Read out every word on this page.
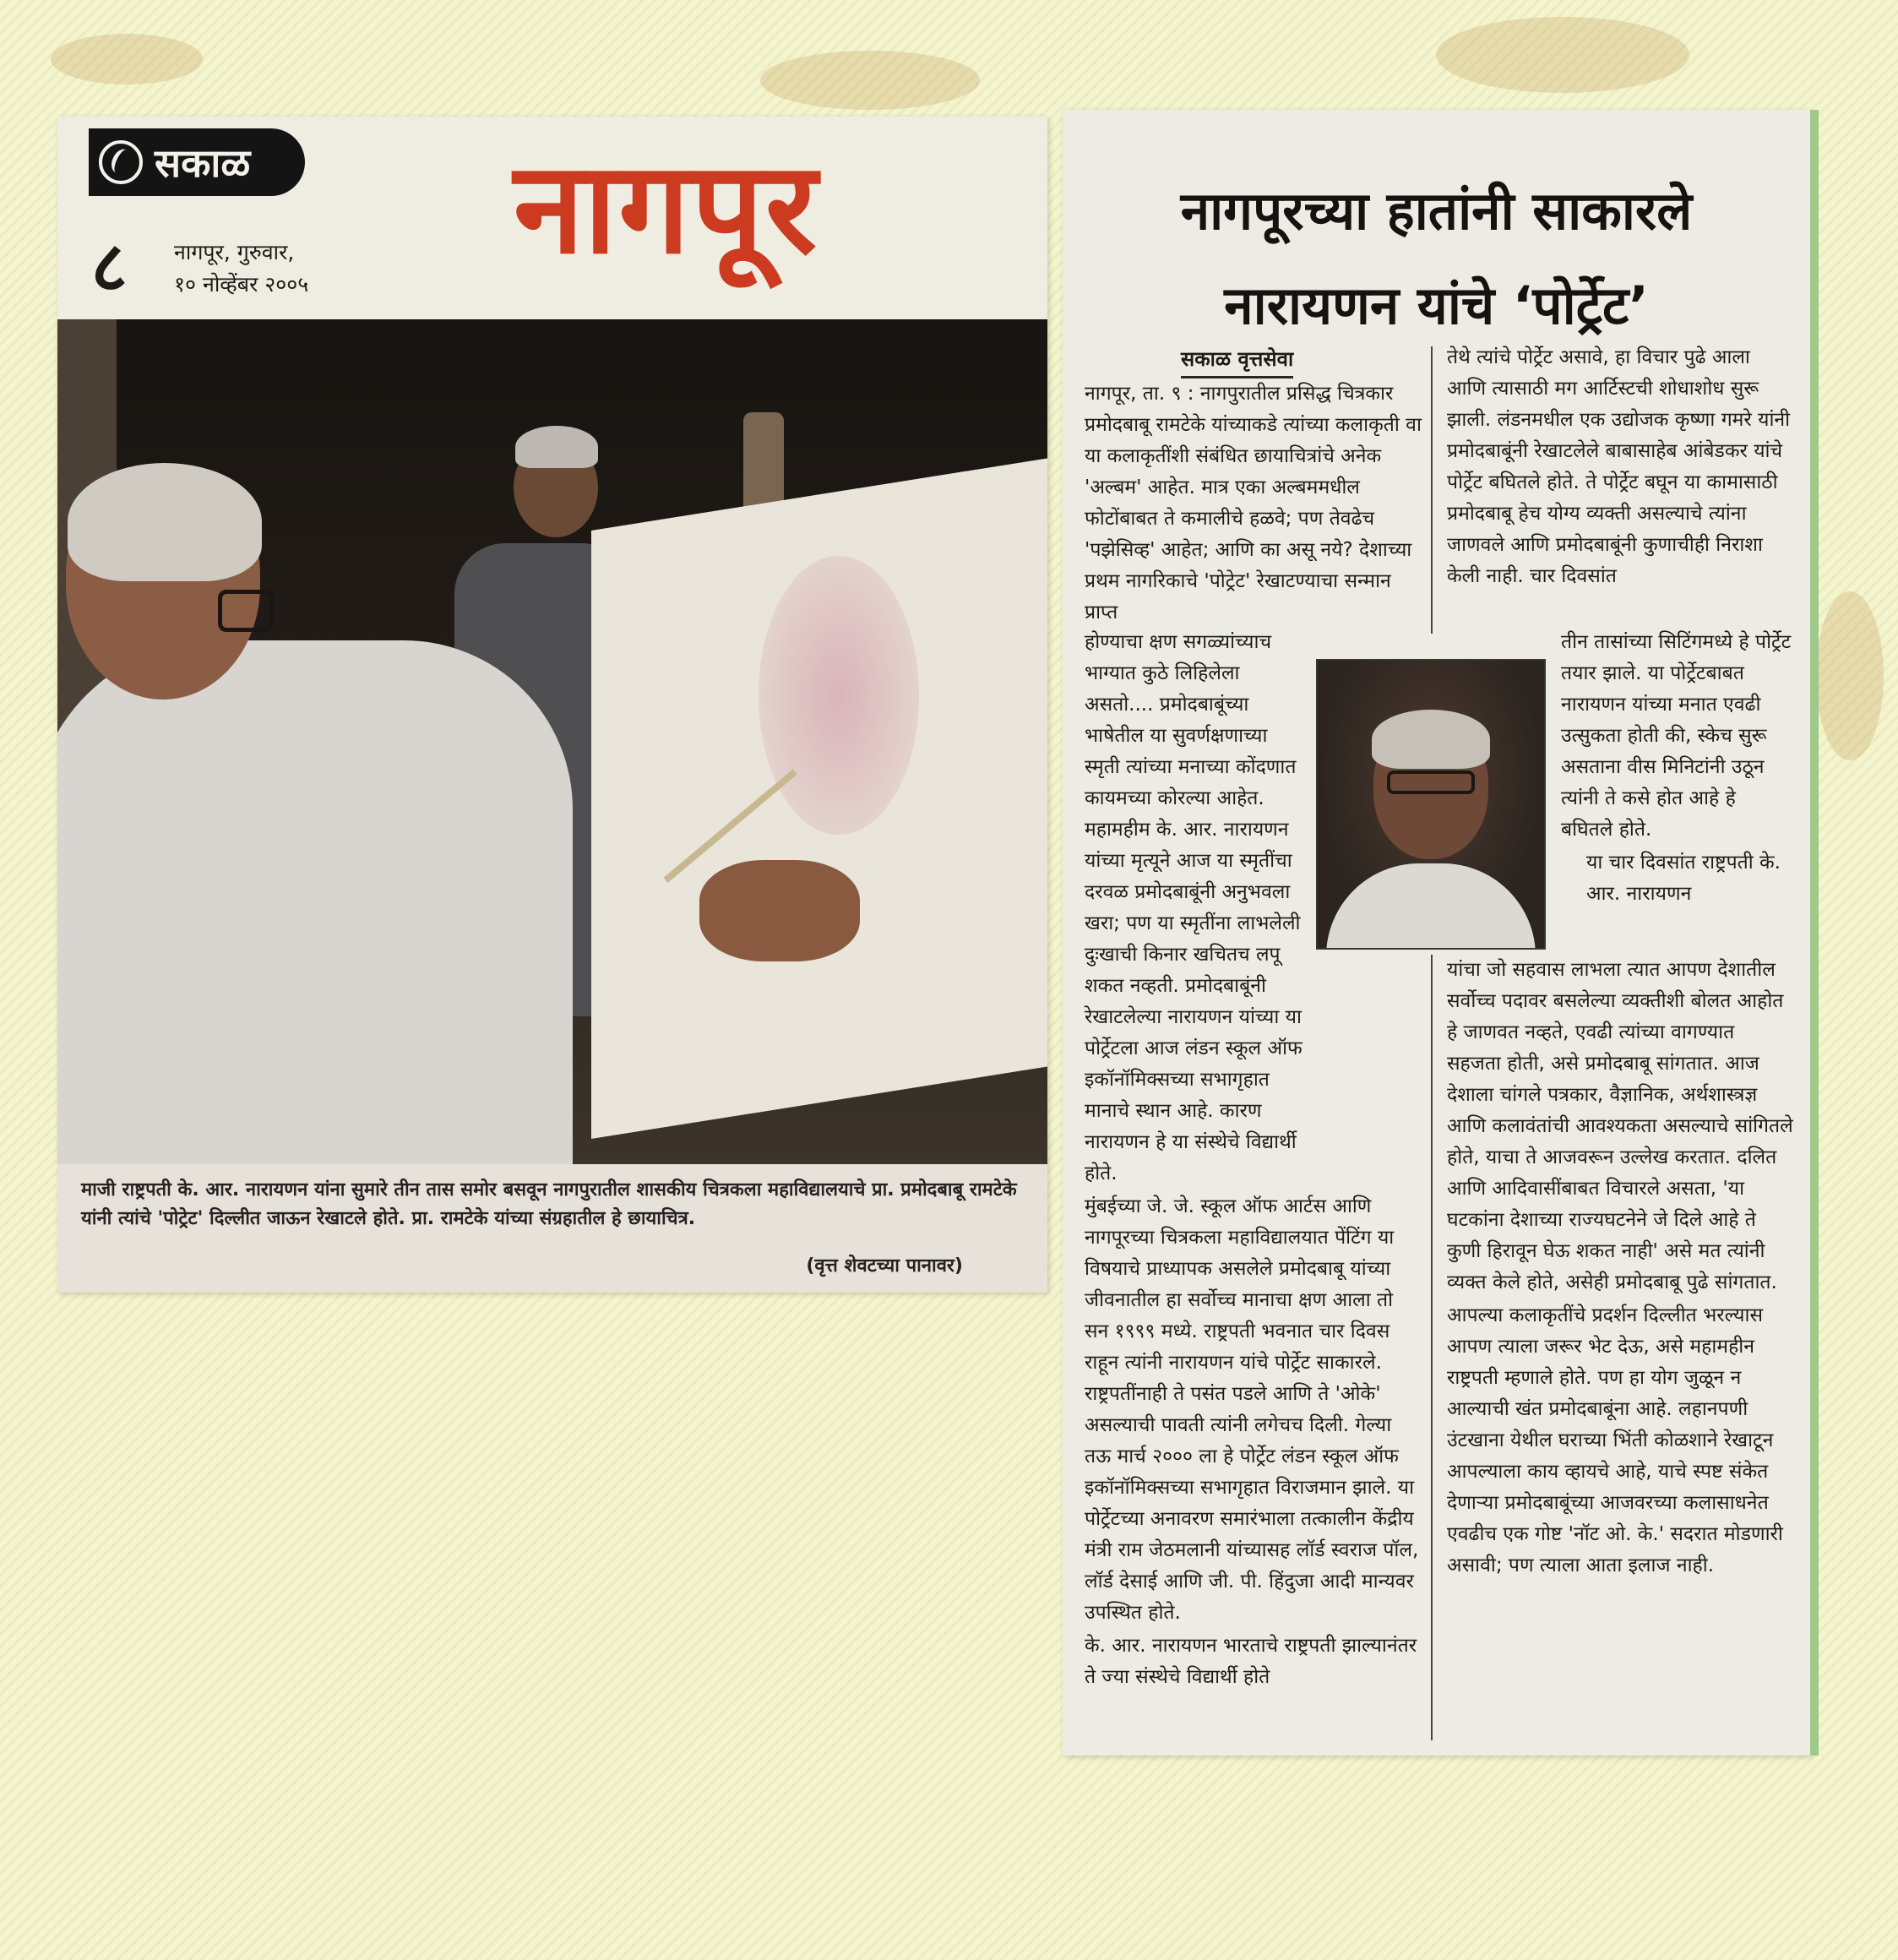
सकाळ नागपूर
८ नागपूर, गुरुवार,
१० नोव्हेंबर २००५
माजी राष्ट्रपती के. आर. नारायणन यांना सुमारे तीन तास समोर बसवून नागपुरातील शासकीय चित्रकला महाविद्यालयाचे प्रा. प्रमोदबाबू रामटेके यांनी त्यांचे 'पोट्रेट' दिल्लीत जाऊन रेखाटले होते. प्रा. रामटेके यांच्या संग्रहातील हे छायाचित्र.
(वृत्त शेवटच्या पानावर)
नागपूरच्या हातांनी साकारले
नारायणन यांचे ‘पोर्ट्रेट’
सकाळ वृत्तसेवा

नागपूर, ता. ९ : नागपुरातील प्रसिद्ध चित्रकार प्रमोदबाबू रामटेके यांच्याकडे त्यांच्या कलाकृती वा या कलाकृतींशी संबंधित छायाचित्रांचे अनेक 'अल्बम' आहेत. मात्र एका अल्बममधील फोटोंबाबत ते कमालीचे हळवे; पण तेवढेच 'पझेसिव्ह' आहेत; आणि का असू नये? देशाच्या प्रथम नागरिकाचे 'पोट्रेट' रेखाटण्याचा सन्मान प्राप्त

होण्याचा क्षण सगळ्यांच्याच भाग्यात कुठे लिहिलेला असतो.... प्रमोदबाबूंच्या भाषेतील या सुवर्णक्षणाच्या स्मृती त्यांच्या मनाच्या कोंदणात कायमच्या कोरल्या आहेत. महामहीम के. आर. नारायणन यांच्या मृत्यूने आज या स्मृतींचा दरवळ प्रमोदबाबूंनी अनुभवला खरा; पण या स्मृतींना लाभलेली दुःखाची किनार खचितच लपू शकत नव्हती. प्रमोदबाबूंनी रेखाटलेल्या नारायणन यांच्या या पोर्ट्रेटला आज लंडन स्कूल ऑफ इकॉनॉमिक्सच्या सभागृहात मानाचे स्थान आहे. कारण नारायणन हे या संस्थेचे विद्यार्थी होते.

मुंबईच्या जे. जे. स्कूल ऑफ आर्टस आणि नागपूरच्या चित्रकला महाविद्यालयात पेंटिंग या विषयाचे प्राध्यापक असलेले प्रमोदबाबू यांच्या जीवनातील हा सर्वोच्च मानाचा क्षण आला तो सन १९९९ मध्ये. राष्ट्रपती भवनात चार दिवस राहून त्यांनी नारायणन यांचे पोर्ट्रेट साकारले. राष्ट्रपतींनाही ते पसंत पडले आणि ते 'ओके' असल्याची पावती त्यांनी लगेचच दिली. गेल्या तऊ मार्च २००० ला हे पोर्ट्रेट लंडन स्कूल ऑफ इकॉनॉमिक्सच्या सभागृहात विराजमान झाले. या पोर्ट्रेटच्या अनावरण समारंभाला तत्कालीन केंद्रीय मंत्री राम जेठमलानी यांच्यासह लॉर्ड स्वराज पॉल, लॉर्ड देसाई आणि जी. पी. हिंदुजा आदी मान्यवर उपस्थित होते.

के. आर. नारायणन भारताचे राष्ट्रपती झाल्यानंतर ते ज्या संस्थेचे विद्यार्थी होते

तेथे त्यांचे पोर्ट्रेट असावे, हा विचार पुढे आला आणि त्यासाठी मग आर्टिस्टची शोधाशोध सुरू झाली. लंडनमधील एक उद्योजक कृष्णा गमरे यांनी प्रमोदबाबूंनी रेखाटलेले बाबासाहेब आंबेडकर यांचे पोर्ट्रेट बघितले होते. ते पोर्ट्रेट बघून या कामासाठी प्रमोदबाबू हेच योग्य व्यक्ती असल्याचे त्यांना जाणवले आणि प्रमोदबाबूंनी कुणाचीही निराशा केली नाही. चार दिवसांत

तीन तासांच्या सिटिंगमध्ये हे पोर्ट्रेट तयार झाले. या पोर्ट्रेटबाबत नारायणन यांच्या मनात एवढी उत्सुकता होती की, स्केच सुरू असताना वीस मिनिटांनी उठून त्यांनी ते कसे होत आहे हे बघितले होते.

या चार दिवसांत राष्ट्रपती के. आर. नारायणन

यांचा जो सहवास लाभला त्यात आपण देशातील सर्वोच्च पदावर बसलेल्या व्यक्तीशी बोलत आहोत हे जाणवत नव्हते, एवढी त्यांच्या वागण्यात सहजता होती, असे प्रमोदबाबू सांगतात. आज देशाला चांगले पत्रकार, वैज्ञानिक, अर्थशास्त्रज्ञ आणि कलावंतांची आवश्यकता असल्याचे सांगितले होते, याचा ते आजवरून उल्लेख करतात. दलित आणि आदिवासींबाबत विचारले असता, 'या घटकांना देशाच्या राज्यघटनेने जे दिले आहे ते कुणी हिरावून घेऊ शकत नाही' असे मत त्यांनी व्यक्त केले होते, असेही प्रमोदबाबू पुढे सांगतात.

आपल्या कलाकृतींचे प्रदर्शन दिल्लीत भरल्यास आपण त्याला जरूर भेट देऊ, असे महामहीन राष्ट्रपती म्हणाले होते. पण हा योग जुळून न आल्याची खंत प्रमोदबाबूंना आहे. लहानपणी उंटखाना येथील घराच्या भिंती कोळशाने रेखाटून आपल्याला काय व्हायचे आहे, याचे स्पष्ट संकेत देणाऱ्या प्रमोदबाबूंच्या आजवरच्या कलासाधनेत एवढीच एक गोष्ट 'नॉट ओ. के.' सदरात मोडणारी असावी; पण त्याला आता इलाज नाही.
